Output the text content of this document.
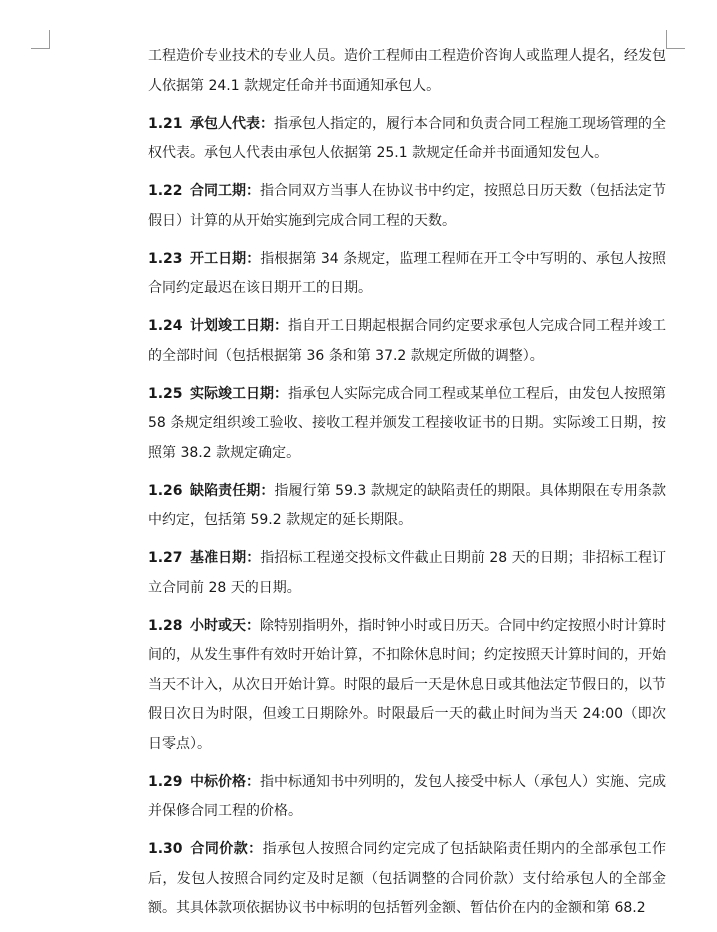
工程造价专业技术的专业人员。造价工程师由工程造价咨询人或监理人提名，经发包人依据第 24.1 款规定任命并书面通知承包人。

1.21 承包人代表：指承包人指定的，履行本合同和负责合同工程施工现场管理的全权代表。承包人代表由承包人依据第 25.1 款规定任命并书面通知发包人。

1.22 合同工期：指合同双方当事人在协议书中约定，按照总日历天数（包括法定节假日）计算的从开始实施到完成合同工程的天数。

1.23 开工日期：指根据第 34 条规定，监理工程师在开工令中写明的、承包人按照合同约定最迟在该日期开工的日期。

1.24 计划竣工日期：指自开工日期起根据合同约定要求承包人完成合同工程并竣工的全部时间（包括根据第 36 条和第 37.2 款规定所做的调整）。

1.25 实际竣工日期：指承包人实际完成合同工程或某单位工程后，由发包人按照第 58 条规定组织竣工验收、接收工程并颁发工程接收证书的日期。实际竣工日期，按照第 38.2 款规定确定。

1.26 缺陷责任期：指履行第 59.3 款规定的缺陷责任的期限。具体期限在专用条款中约定，包括第 59.2 款规定的延长期限。

1.27 基准日期：指招标工程递交投标文件截止日期前 28 天的日期；非招标工程订立合同前 28 天的日期。

1.28 小时或天：除特别指明外，指时钟小时或日历天。合同中约定按照小时计算时间的，从发生事件有效时开始计算，不扣除休息时间；约定按照天计算时间的，开始当天不计入，从次日开始计算。时限的最后一天是休息日或其他法定节假日的，以节假日次日为时限，但竣工日期除外。时限最后一天的截止时间为当天 24:00（即次日零点）。

1.29 中标价格：指中标通知书中列明的，发包人接受中标人（承包人）实施、完成并保修合同工程的价格。

1.30 合同价款：指承包人按照合同约定完成了包括缺陷责任期内的全部承包工作后，发包人按照合同约定及时足额（包括调整的合同价款）支付给承包人的全部金额。其具体款项依据协议书中标明的包括暂列金额、暂估价在内的金额和第 68.2
